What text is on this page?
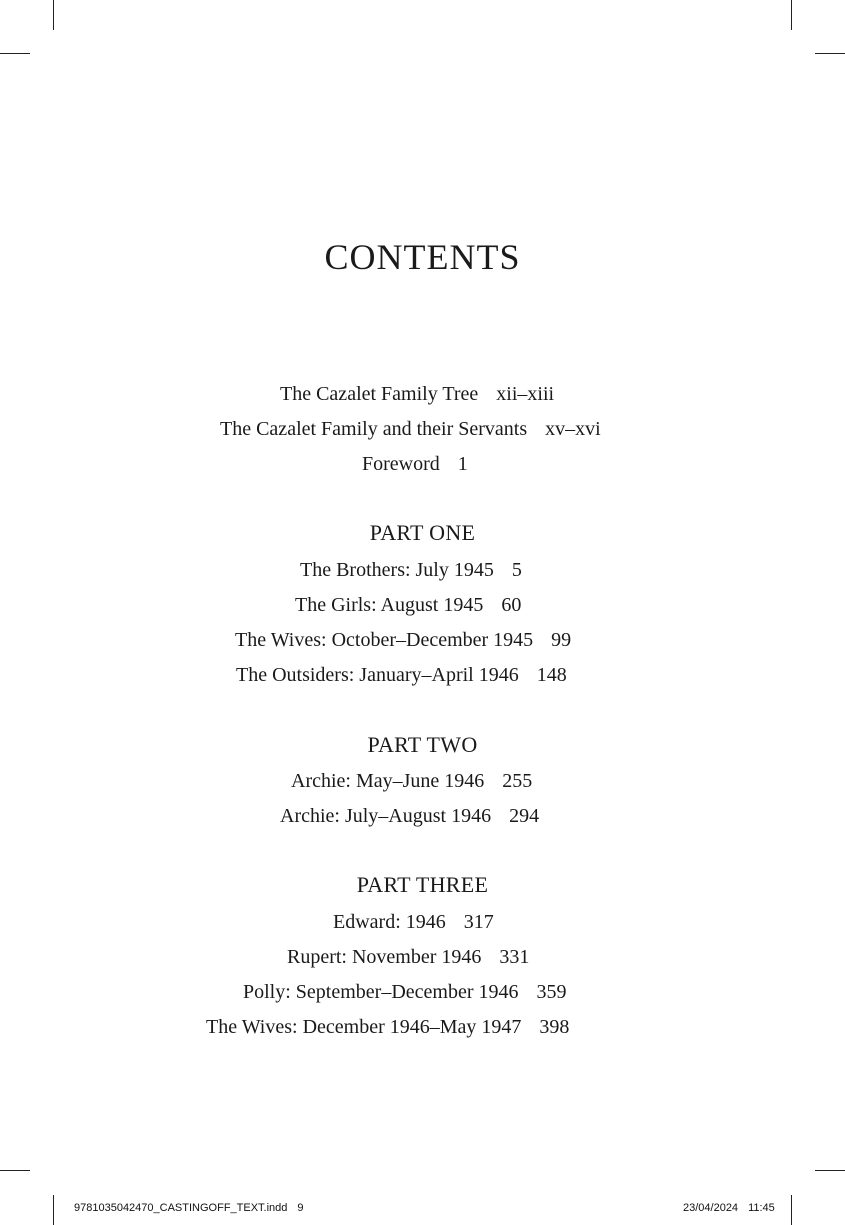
CONTENTS
The Cazalet Family Tree xii–xiii
The Cazalet Family and their Servants xv–xvi
Foreword 1
PART ONE
The Brothers: July 1945 5
The Girls: August 1945 60
The Wives: October–December 1945 99
The Outsiders: January–April 1946 148
PART TWO
Archie: May–June 1946 255
Archie: July–August 1946 294
PART THREE
Edward: 1946 317
Rupert: November 1946 331
Polly: September–December 1946 359
The Wives: December 1946–May 1947 398
9781035042470_CASTINGOFF_TEXT.indd 9	23/04/2024 11:45
